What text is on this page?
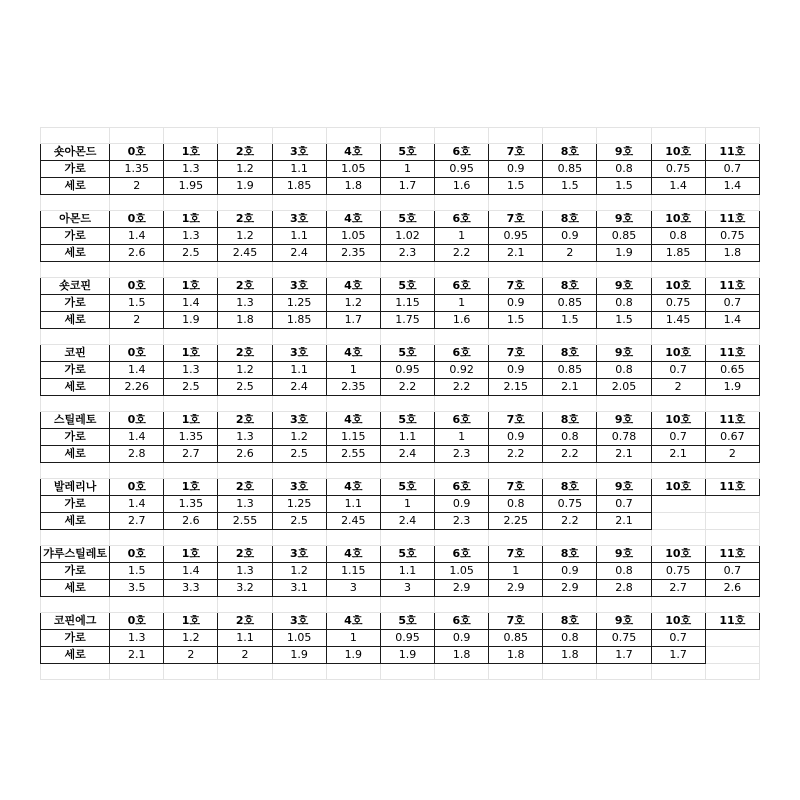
숏아몬드	0호	1호	2호	3호	4호	5호	6호	7호	8호	9호	10호	11호
가로	1.35	1.3	1.2	1.1	1.05	1	0.95	0.9	0.85	0.8	0.75	0.7
세로	2	1.95	1.9	1.85	1.8	1.7	1.6	1.5	1.5	1.5	1.4	1.4

아몬드	0호	1호	2호	3호	4호	5호	6호	7호	8호	9호	10호	11호
가로	1.4	1.3	1.2	1.1	1.05	1.02	1	0.95	0.9	0.85	0.8	0.75
세로	2.6	2.5	2.45	2.4	2.35	2.3	2.2	2.1	2	1.9	1.85	1.8

숏코핀	0호	1호	2호	3호	4호	5호	6호	7호	8호	9호	10호	11호
가로	1.5	1.4	1.3	1.25	1.2	1.15	1	0.9	0.85	0.8	0.75	0.7
세로	2	1.9	1.8	1.85	1.7	1.75	1.6	1.5	1.5	1.5	1.45	1.4

코핀	0호	1호	2호	3호	4호	5호	6호	7호	8호	9호	10호	11호
가로	1.4	1.3	1.2	1.1	1	0.95	0.92	0.9	0.85	0.8	0.7	0.65
세로	2.26	2.5	2.5	2.4	2.35	2.2	2.2	2.15	2.1	2.05	2	1.9

스틸레토	0호	1호	2호	3호	4호	5호	6호	7호	8호	9호	10호	11호
가로	1.4	1.35	1.3	1.2	1.15	1.1	1	0.9	0.8	0.78	0.7	0.67
세로	2.8	2.7	2.6	2.5	2.55	2.4	2.3	2.2	2.2	2.1	2.1	2

발레리나	0호	1호	2호	3호	4호	5호	6호	7호	8호	9호	10호	11호
가로	1.4	1.35	1.3	1.25	1.1	1	0.9	0.8	0.75	0.7		
세로	2.7	2.6	2.55	2.5	2.45	2.4	2.3	2.25	2.2	2.1		

갸루스틸레토	0호	1호	2호	3호	4호	5호	6호	7호	8호	9호	10호	11호
가로	1.5	1.4	1.3	1.2	1.15	1.1	1.05	1	0.9	0.8	0.75	0.7
세로	3.5	3.3	3.2	3.1	3	3	2.9	2.9	2.9	2.8	2.7	2.6

코핀에그	0호	1호	2호	3호	4호	5호	6호	7호	8호	9호	10호	11호
가로	1.3	1.2	1.1	1.05	1	0.95	0.9	0.85	0.8	0.75	0.7	
세로	2.1	2	2	1.9	1.9	1.9	1.8	1.8	1.8	1.7	1.7	
